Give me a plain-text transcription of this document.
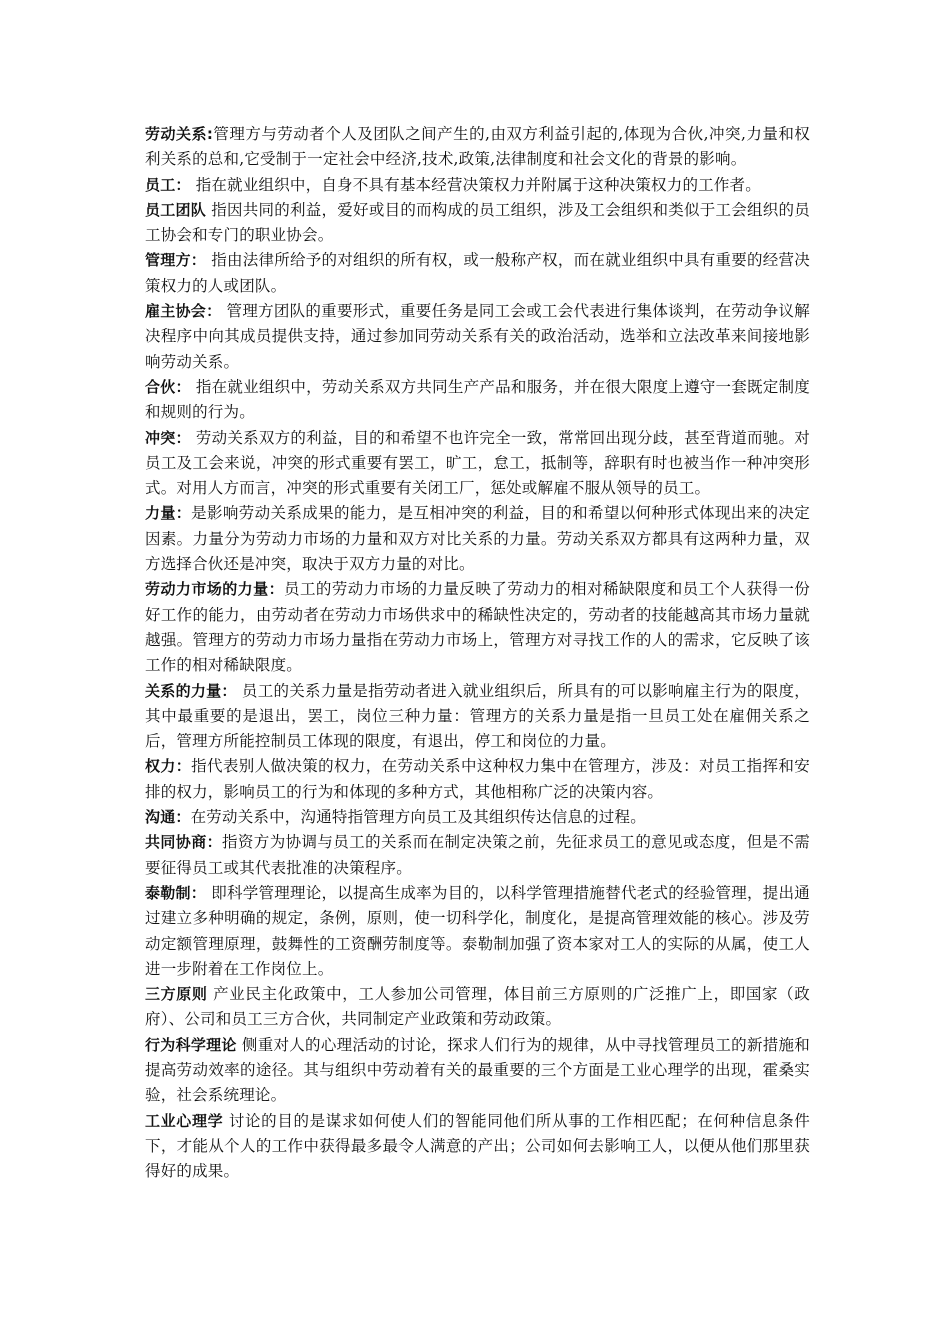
劳动关系:管理方与劳动者个人及团队之间产生的,由双方利益引起的,体现为合伙,冲突,力量和权利关系的总和,它受制于一定社会中经济,技术,政策,法律制度和社会文化的背景的影响。

员工： 指在就业组织中，自身不具有基本经营决策权力并附属于这种决策权力的工作者。

员工团队 指因共同的利益，爱好或目的而构成的员工组织，涉及工会组织和类似于工会组织的员工协会和专门的职业协会。

管理方： 指由法律所给予的对组织的所有权，或一般称产权，而在就业组织中具有重要的经营决策权力的人或团队。

雇主协会： 管理方团队的重要形式，重要任务是同工会或工会代表进行集体谈判，在劳动争议解决程序中向其成员提供支持，通过参加同劳动关系有关的政治活动，选举和立法改革来间接地影响劳动关系。

合伙： 指在就业组织中，劳动关系双方共同生产产品和服务，并在很大限度上遵守一套既定制度和规则的行为。

冲突： 劳动关系双方的利益，目的和希望不也许完全一致，常常回出现分歧，甚至背道而驰。对员工及工会来说，冲突的形式重要有罢工，旷工，怠工，抵制等，辞职有时也被当作一种冲突形式。对用人方而言，冲突的形式重要有关闭工厂，惩处或解雇不服从领导的员工。

力量：是影响劳动关系成果的能力，是互相冲突的利益，目的和希望以何种形式体现出来的决定因素。力量分为劳动力市场的力量和双方对比关系的力量。劳动关系双方都具有这两种力量，双方选择合伙还是冲突，取决于双方力量的对比。

劳动力市场的力量：员工的劳动力市场的力量反映了劳动力的相对稀缺限度和员工个人获得一份好工作的能力，由劳动者在劳动力市场供求中的稀缺性决定的，劳动者的技能越高其市场力量就越强。管理方的劳动力市场力量指在劳动力市场上，管理方对寻找工作的人的需求，它反映了该工作的相对稀缺限度。

关系的力量： 员工的关系力量是指劳动者进入就业组织后，所具有的可以影响雇主行为的限度，其中最重要的是退出，罢工，岗位三种力量：管理方的关系力量是指一旦员工处在雇佣关系之后，管理方所能控制员工体现的限度，有退出，停工和岗位的力量。

权力：指代表别人做决策的权力，在劳动关系中这种权力集中在管理方，涉及：对员工指挥和安排的权力，影响员工的行为和体现的多种方式，其他相称广泛的决策内容。

沟通：在劳动关系中，沟通特指管理方向员工及其组织传达信息的过程。

共同协商：指资方为协调与员工的关系而在制定决策之前，先征求员工的意见或态度，但是不需要征得员工或其代表批准的决策程序。

泰勒制： 即科学管理理论，以提高生成率为目的，以科学管理措施替代老式的经验管理，提出通过建立多种明确的规定，条例，原则，使一切科学化，制度化，是提高管理效能的核心。涉及劳动定额管理原理，鼓舞性的工资酬劳制度等。泰勒制加强了资本家对工人的实际的从属，使工人进一步附着在工作岗位上。

三方原则 产业民主化政策中，工人参加公司管理，体目前三方原则的广泛推广上，即国家（政府）、公司和员工三方合伙，共同制定产业政策和劳动政策。

行为科学理论 侧重对人的心理活动的讨论，探求人们行为的规律，从中寻找管理员工的新措施和提高劳动效率的途径。其与组织中劳动着有关的最重要的三个方面是工业心理学的出现，霍桑实验，社会系统理论。

工业心理学 讨论的目的是谋求如何使人们的智能同他们所从事的工作相匹配；在何种信息条件下，才能从个人的工作中获得最多最令人满意的产出；公司如何去影响工人，以便从他们那里获得好的成果。
